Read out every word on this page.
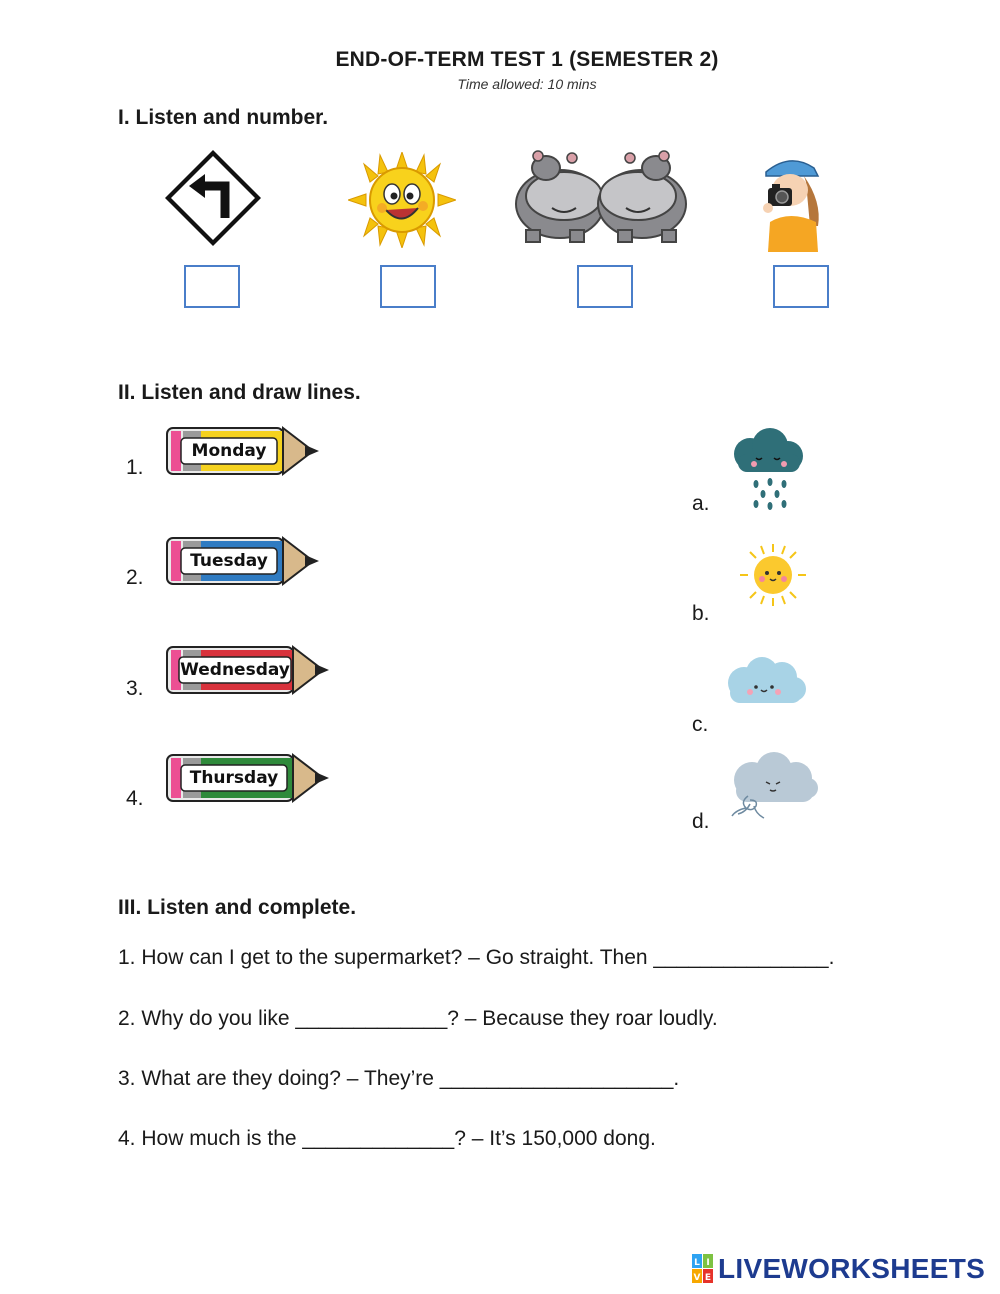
END-OF-TERM TEST 1 (SEMESTER 2)
Time allowed: 10 mins
I. Listen and number.
II. Listen and draw lines.
1.
2.
3.
4.
Monday
Tuesday
Wednesday
Thursday
a.
b.
c.
d.
III. Listen and complete.
1. How can I get to the supermarket? – Go straight. Then _______________.
2. Why do you like _____________? – Because they roar loudly.
3. What are they doing? – They’re ____________________.
4. How much is the _____________? – It’s 150,000 dong.
L I
V E LIVEWORKSHEETS
